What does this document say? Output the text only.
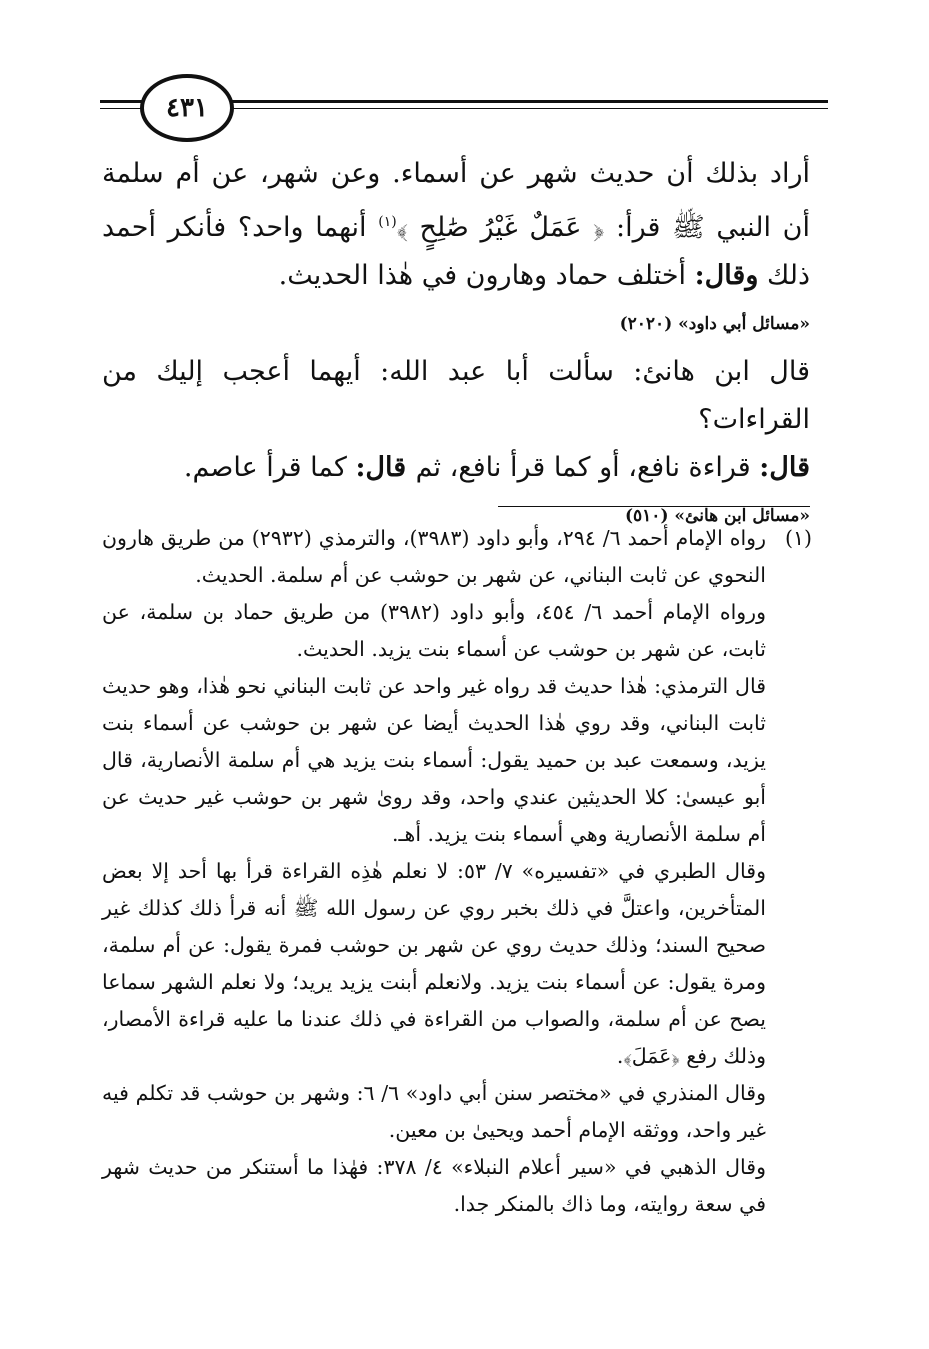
٤٣١

أراد بذلك أن حديث شهر عن أسماء. وعن شهر، عن أم سلمة أن النبي ﷺ قرأ: ﴿ عَمَلٌ غَيْرُ صَٰلِحٍ ﴾$^{(١)}$ أنهما واحد؟ فأنكر أحمد ذلك وقال: أختلف حماد وهارون في هٰذا الحديث.

«مسائل أبي داود» (٢٠٢٠)

قال ابن هانئ: سألت أبا عبد الله: أيهما أعجب إليك من القراءات؟

قال: قراءة نافع، أو كما قرأ نافع، ثم قال: كما قرأ عاصم.

«مسائل ابن هانئ» (٥١٠)
(١)

رواه الإمام أحمد ٦/ ٢٩٤، وأبو داود (٣٩٨٣)، والترمذي (٢٩٣٢) من طريق هارون النحوي عن ثابت البناني، عن شهر بن حوشب عن أم سلمة. الحديث.

ورواه الإمام أحمد ٦/ ٤٥٤، وأبو داود (٣٩٨٢) من طريق حماد بن سلمة، عن ثابت، عن شهر بن حوشب عن أسماء بنت يزيد. الحديث.

قال الترمذي: هٰذا حديث قد رواه غير واحد عن ثابت البناني نحو هٰذا، وهو حديث ثابت البناني، وقد روي هٰذا الحديث أيضا عن شهر بن حوشب عن أسماء بنت يزيد، وسمعت عبد بن حميد يقول: أسماء بنت يزيد هي أم سلمة الأنصارية، قال أبو عيسىٰ: كلا الحديثين عندي واحد، وقد روىٰ شهر بن حوشب غير حديث عن أم سلمة الأنصارية وهي أسماء بنت يزيد. أهـ.

وقال الطبري في «تفسيره» ٧/ ٥٣: لا نعلم هٰذِه القراءة قرأ بها أحد إلا بعض المتأخرين، واعتلَّ في ذلك بخبر روي عن رسول الله ﷺ أنه قرأ ذلك كذلك غير صحيح السند؛ وذلك حديث روي عن شهر بن حوشب فمرة يقول: عن أم سلمة، ومرة يقول: عن أسماء بنت يزيد. ولانعلم أبنت يزيد يريد؛ ولا نعلم الشهر سماعا يصح عن أم سلمة، والصواب من القراءة في ذلك عندنا ما عليه قراءة الأمصار، وذلك رفع ﴿عَمَلَ﴾.

وقال المنذري في «مختصر سنن أبي داود» ٦/ ٦: وشهر بن حوشب قد تكلم فيه غير واحد، ووثقه الإمام أحمد ويحيىٰ بن معين.

وقال الذهبي في «سير أعلام النبلاء» ٤/ ٣٧٨: فهٰذا ما أستنكر من حديث شهر في سعة روايته، وما ذاك بالمنكر جدا.
